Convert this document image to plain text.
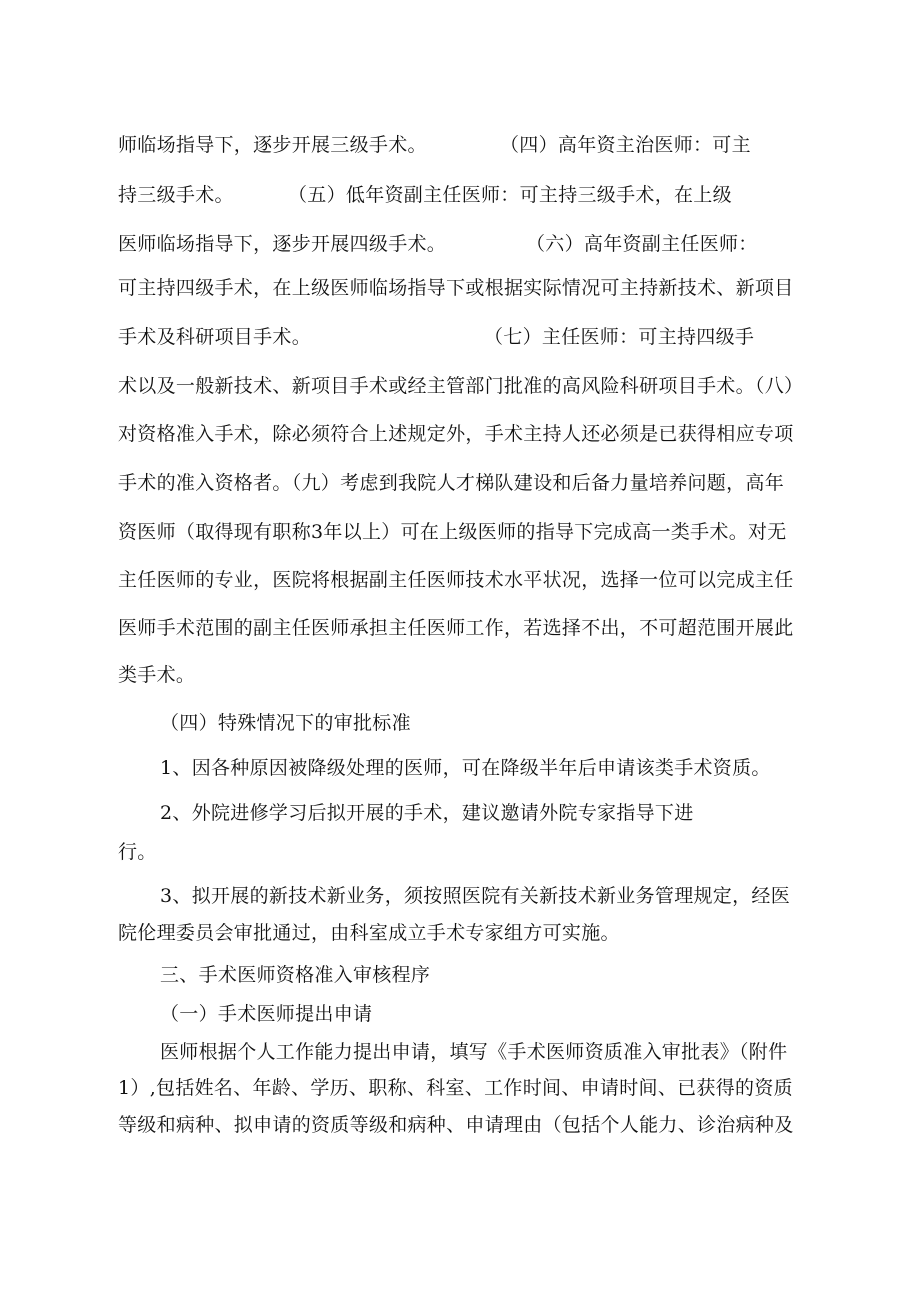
师临场指导下，逐步开展三级手术。	（四）高年资主治医师：可主
持三级手术。	（五）低年资副主任医师：可主持三级手术，在上级
医师临场指导下，逐步开展四级手术。	（六）高年资副主任医师：
可主持四级手术，在上级医师临场指导下或根据实际情况可主持新技术、新项目
手术及科研项目手术。	（七）主任医师：可主持四级手
术以及一般新技术、新项目手术或经主管部门批准的高风险科研项目手术。（八）
对资格准入手术，除必须符合上述规定外，手术主持人还必须是已获得相应专项
手术的准入资格者。（九）考虑到我院人才梯队建设和后备力量培养问题，高年
资医师（取得现有职称3年以上）可在上级医师的指导下完成高一类手术。对无
主任医师的专业，医院将根据副主任医师技术水平状况，选择一位可以完成主任
医师手术范围的副主任医师承担主任医师工作，若选择不出，不可超范围开展此
类手术。
（四）特殊情况下的审批标准
1、因各种原因被降级处理的医师，可在降级半年后申请该类手术资质。
2、外院进修学习后拟开展的手术，建议邀请外院专家指导下进
行。
3、拟开展的新技术新业务，须按照医院有关新技术新业务管理规定，经医
院伦理委员会审批通过，由科室成立手术专家组方可实施。
三、手术医师资格准入审核程序
（一）手术医师提出申请
医师根据个人工作能力提出申请，填写《手术医师资质准入审批表》（附件
1）,包括姓名、年龄、学历、职称、科室、工作时间、申请时间、已获得的资质
等级和病种、拟申请的资质等级和病种、申请理由（包括个人能力、诊治病种及
